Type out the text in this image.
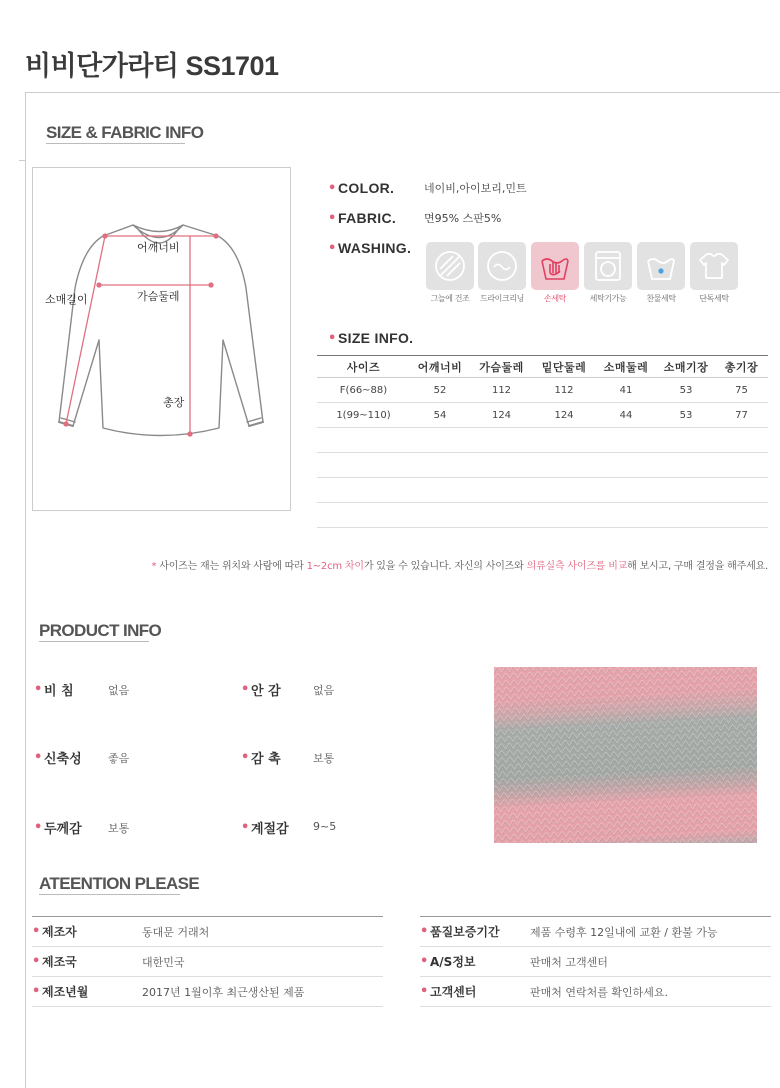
비비단가라티 SS1701
SIZE & FABRIC INFO
어깨너비
소매길이	가슴둘레
총장
• COLOR.	네이비,아이보리,민트
• FABRIC.	면95% 스판5%
• WASHING.
그늘에 건조	드라이크리닝	손세탁	세탁기가능	찬물세탁	단독세탁
• SIZE INFO.
사이즈	어깨너비	가슴둘레	밑단둘레	소매둘레	소매기장	총기장
F(66~88)	52	112	112	41	53	75
1(99~110)	54	124	124	44	53	77

* 사이즈는 재는 위치와 사람에 따라 1~2cm 차이가 있을 수 있습니다. 자신의 사이즈와 의류실측 사이즈를 비교해 보시고, 구매 결정을 해주세요.
PRODUCT INFO
• 비 침	없음	• 안 감	없음
• 신축성 좋음	• 감 촉	보통
• 두께감 보통	• 계절감 9~5
ATEENTION PLEASE
• 제조자	동대문 거래처
• 제조국	대한민국
• 제조년월	2017년 1월이후 최근생산된 제품
• 품질보증기간	제품 수령후 12일내에 교환 / 환불 가능
• A/S정보	판매처 고객센터
• 고객센터	판매처 연락처를 확인하세요.
